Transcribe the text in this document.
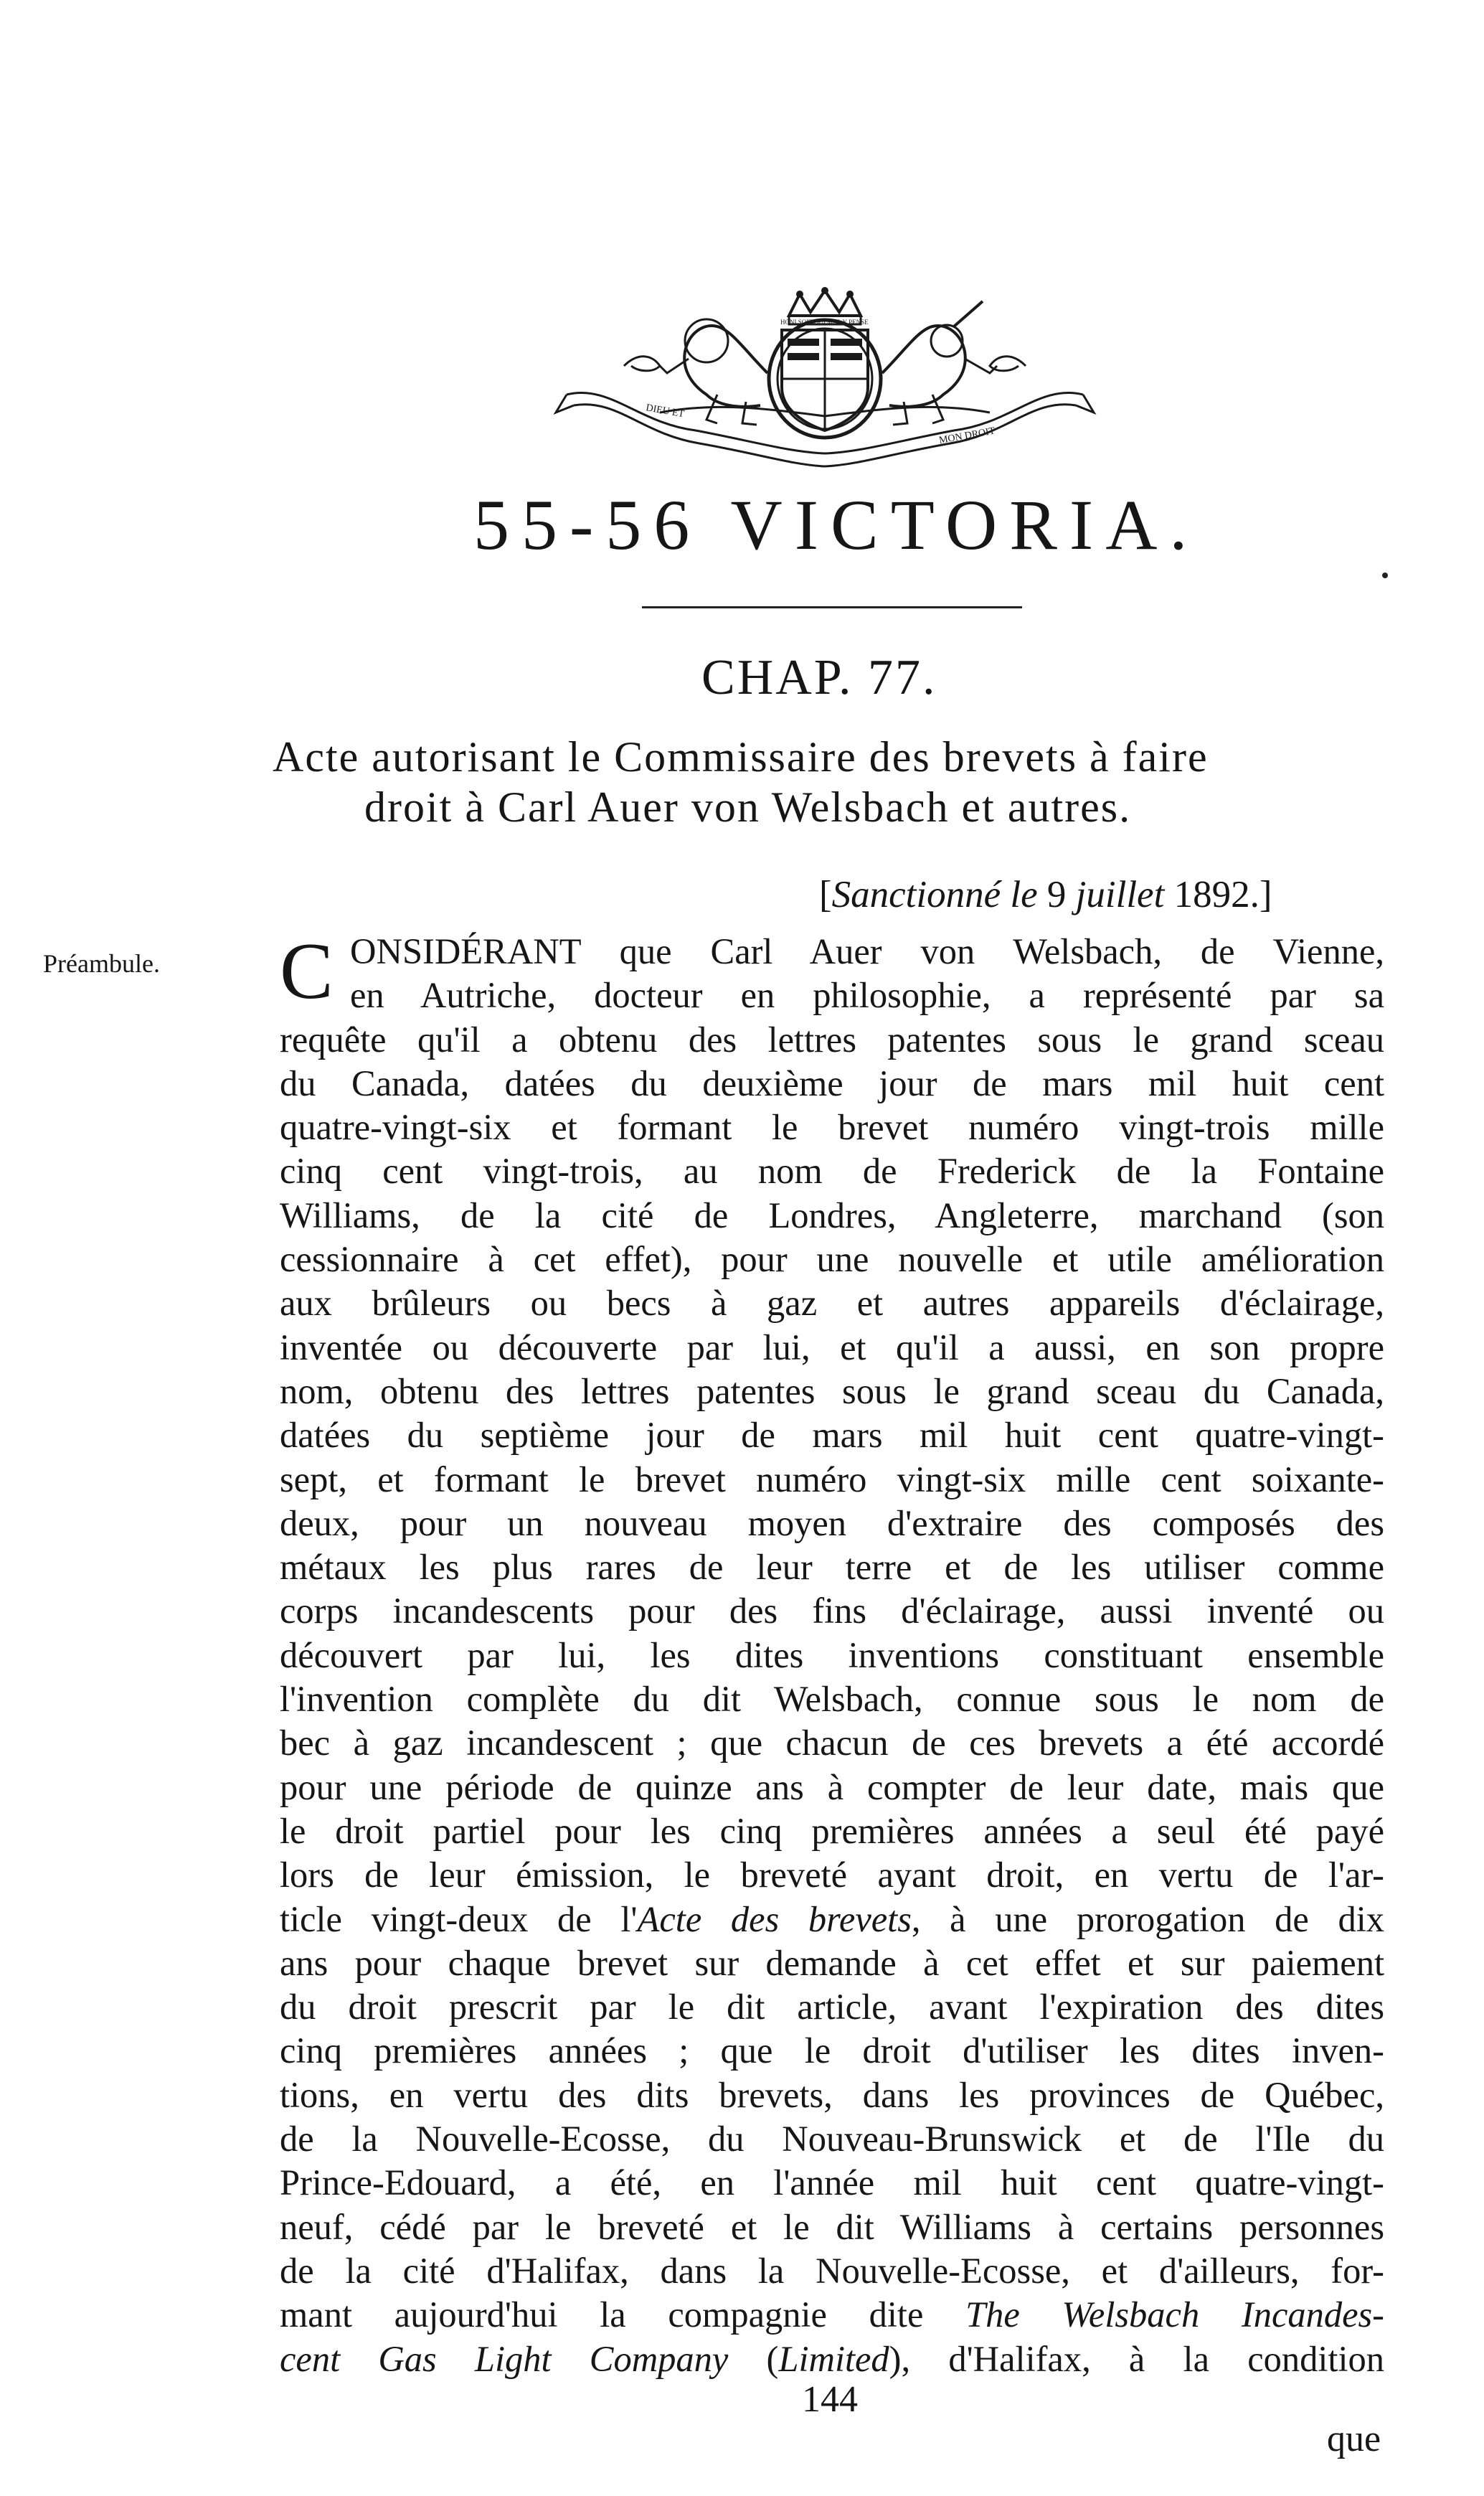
DIEU ET
MON DROIT
HONI SOIT QUI MAL Y PENSE
55-56 VICTORIA.
CHAP. 77.
Acte autorisant le Commissaire des brevets à faire
droit à Carl Auer von Welsbach et autres.
[Sanctionné le 9 juillet 1892.]
Préambule. C ONSIDÉRANT que Carl Auer von Welsbach, de Vienne,
en Autriche, docteur en philosophie, a représenté par sa
requête qu'il a obtenu des lettres patentes sous le grand sceau
du Canada, datées du deuxième jour de mars mil huit cent
quatre-vingt-six et formant le brevet numéro vingt-trois mille
cinq cent vingt-trois, au nom de Frederick de la Fontaine
Williams, de la cité de Londres, Angleterre, marchand (son
cessionnaire à cet effet), pour une nouvelle et utile amélioration
aux brûleurs ou becs à gaz et autres appareils d'éclairage,
inventée ou découverte par lui, et qu'il a aussi, en son propre
nom, obtenu des lettres patentes sous le grand sceau du Canada,
datées du septième jour de mars mil huit cent quatre-vingt-
sept, et formant le brevet numéro vingt-six mille cent soixante-
deux, pour un nouveau moyen d'extraire des composés des
métaux les plus rares de leur terre et de les utiliser comme
corps incandescents pour des fins d'éclairage, aussi inventé ou
découvert par lui, les dites inventions constituant ensemble
l'invention complète du dit Welsbach, connue sous le nom de
bec à gaz incandescent ; que chacun de ces brevets a été accordé
pour une période de quinze ans à compter de leur date, mais que
le droit partiel pour les cinq premières années a seul été payé
lors de leur émission, le breveté ayant droit, en vertu de l'ar-
ticle vingt-deux de l'Acte des brevets, à une prorogation de dix
ans pour chaque brevet sur demande à cet effet et sur paiement
du droit prescrit par le dit article, avant l'expiration des dites
cinq premières années ; que le droit d'utiliser les dites inven-
tions, en vertu des dits brevets, dans les provinces de Québec,
de la Nouvelle-Ecosse, du Nouveau-Brunswick et de l'Ile du
Prince-Edouard, a été, en l'année mil huit cent quatre-vingt-
neuf, cédé par le breveté et le dit Williams à certains personnes
de la cité d'Halifax, dans la Nouvelle-Ecosse, et d'ailleurs, for-
mant aujourd'hui la compagnie dite The Welsbach Incandes-
cent Gas Light Company (Limited), d'Halifax, à la condition
144
que
